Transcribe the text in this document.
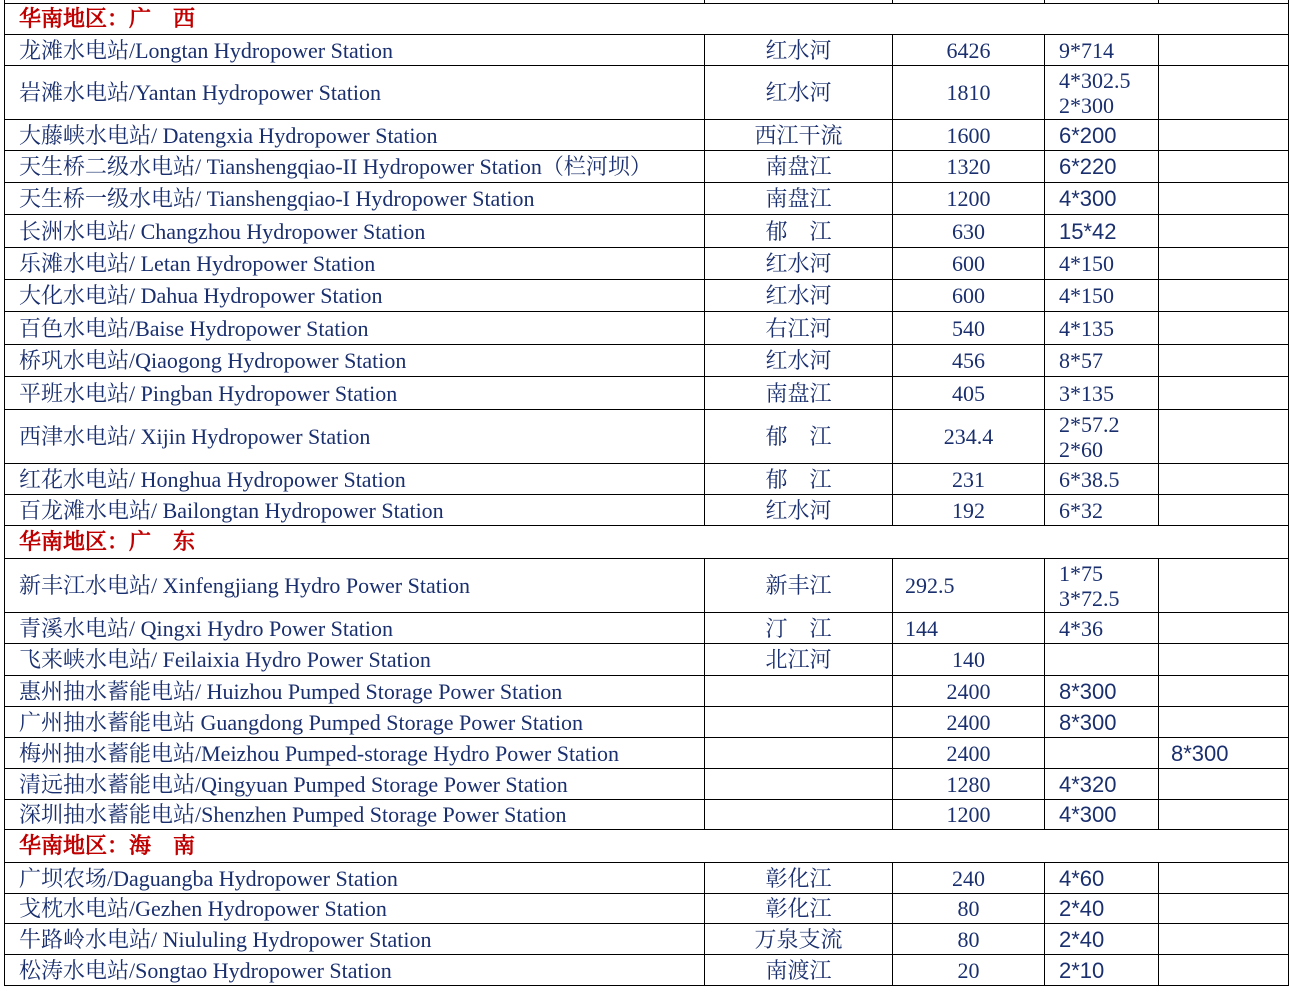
华南地区：广　西				
龙滩水电站/Longtan Hydropower Station	红水河	6426	9*714	

岩滩水电站/Yantan Hydropower Station	红水河	1810	4*302.5
2*300	

大藤峡水电站/ Datengxia Hydropower Station	西江干流	1600	6*200	

天生桥二级水电站/ Tianshengqiao-II Hydropower Station（栏河坝）	南盘江	1320	6*220	

天生桥一级水电站/ Tianshengqiao-I Hydropower Station	南盘江	1200	4*300	

长洲水电站/ Changzhou Hydropower Station	郁　江	630	15*42	

乐滩水电站/ Letan Hydropower Station	红水河	600	4*150	

大化水电站/ Dahua Hydropower Station	红水河	600	4*150	

百色水电站/Baise Hydropower Station	右江河	540	4*135	

桥巩水电站/Qiaogong Hydropower Station	红水河	456	8*57	

平班水电站/ Pingban Hydropower Station	南盘江	405	3*135	

西津水电站/ Xijin Hydropower Station	郁　江	234.4	2*57.2
2*60	

红花水电站/ Honghua Hydropower Station	郁　江	231	6*38.5	

百龙滩水电站/ Bailongtan Hydropower Station	红水河	192	6*32	

华南地区：广　东				
新丰江水电站/ Xinfengjiang Hydro Power Station	新丰江	292.5	1*75
3*72.5	

青溪水电站/ Qingxi Hydro Power Station	汀　江	144	4*36	

飞来峡水电站/ Feilaixia Hydro Power Station	北江河	140	

惠州抽水蓄能电站/ Huizhou Pumped Storage Power Station		2400	8*300	

广州抽水蓄能电站 Guangdong Pumped Storage Power Station		2400	8*300	

梅州抽水蓄能电站/Meizhou Pumped-storage Hydro Power Station		2400		8*300
清远抽水蓄能电站/Qingyuan Pumped Storage Power Station		1280	4*320	

深圳抽水蓄能电站/Shenzhen Pumped Storage Power Station		1200	4*300	

华南地区：海　南				
广坝农场/Daguangba Hydropower Station	彰化江	240	4*60	

戈枕水电站/Gezhen Hydropower Station	彰化江	80	2*40	

牛路岭水电站/ Niululing Hydropower Station	万泉支流	80	2*40	

松涛水电站/Songtao Hydropower Station	南渡江	20	2*10	
